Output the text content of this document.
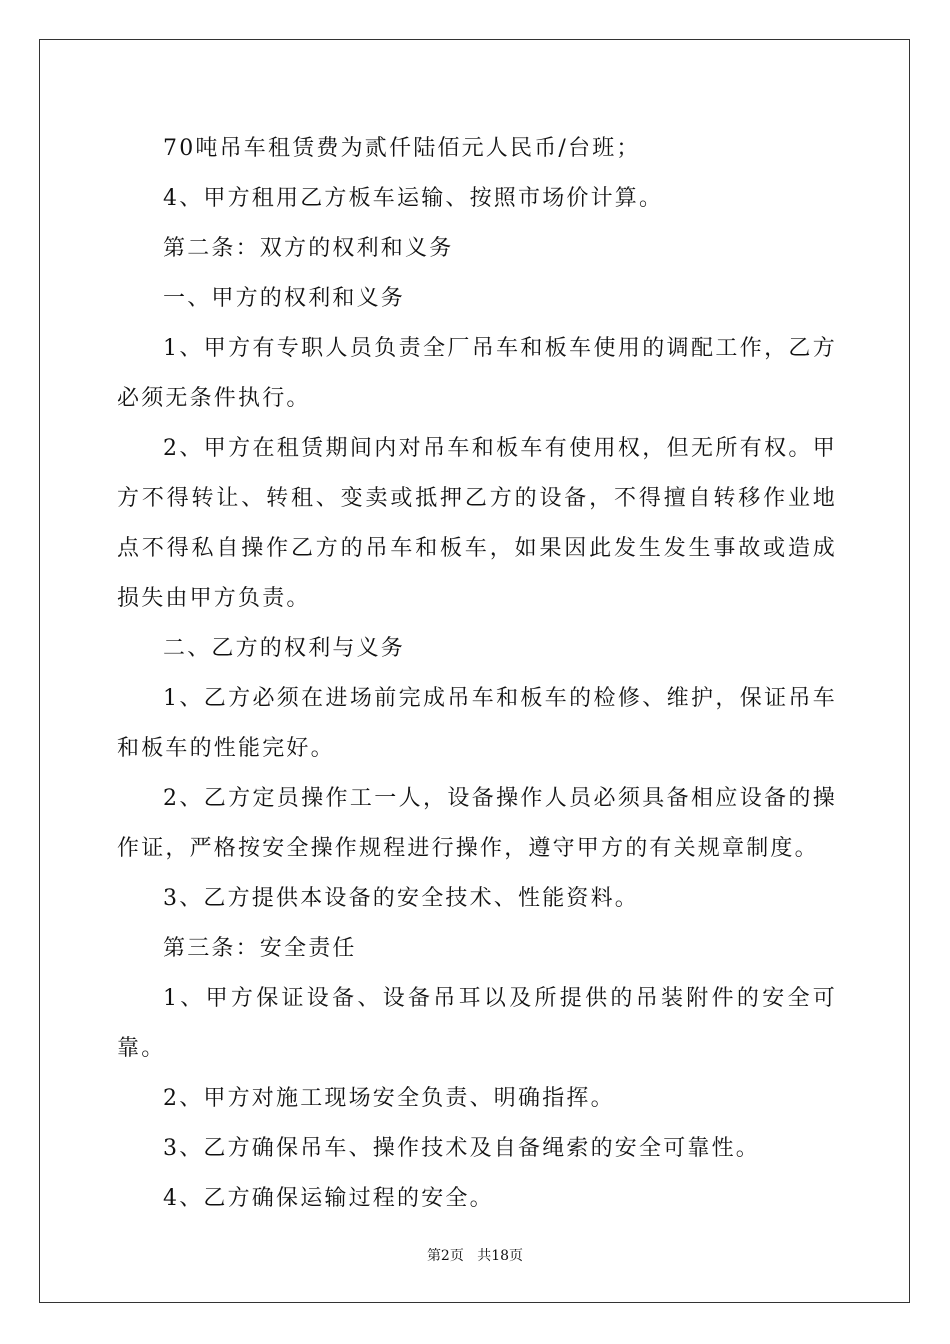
70吨吊车租赁费为贰仟陆佰元人民币/台班；

4、甲方租用乙方板车运输、按照市场价计算。

第二条：双方的权利和义务

一、甲方的权利和义务

1、甲方有专职人员负责全厂吊车和板车使用的调配工作，乙方必须无条件执行。

2、甲方在租赁期间内对吊车和板车有使用权，但无所有权。甲方不得转让、转租、变卖或抵押乙方的设备，不得擅自转移作业地点不得私自操作乙方的吊车和板车，如果因此发生发生事故或造成损失由甲方负责。

二、乙方的权利与义务

1、乙方必须在进场前完成吊车和板车的检修、维护，保证吊车和板车的性能完好。

2、乙方定员操作工一人，设备操作人员必须具备相应设备的操作证，严格按安全操作规程进行操作，遵守甲方的有关规章制度。

3、乙方提供本设备的安全技术、性能资料。

第三条：安全责任

1、甲方保证设备、设备吊耳以及所提供的吊装附件的安全可靠。

2、甲方对施工现场安全负责、明确指挥。

3、乙方确保吊车、操作技术及自备绳索的安全可靠性。

4、乙方确保运输过程的安全。

第2页 共18页
